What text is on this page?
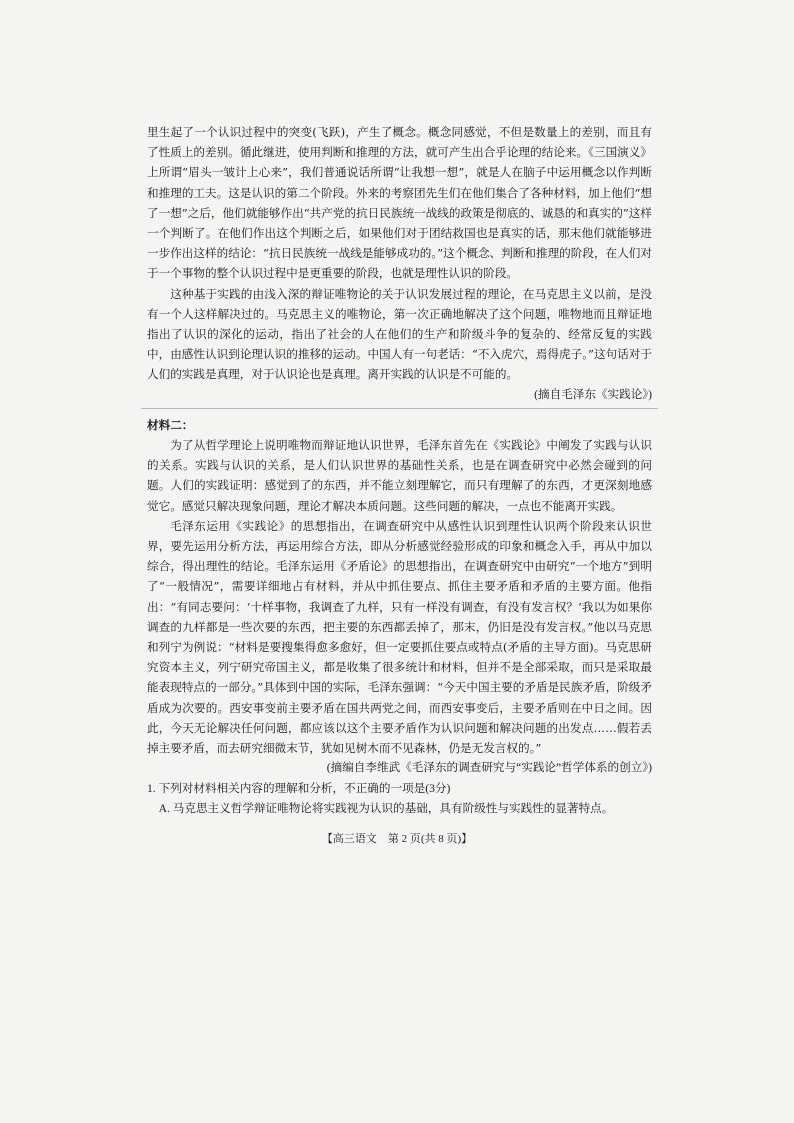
里生起了一个认识过程中的突变(飞跃)，产生了概念。概念同感觉，不但是数量上的差别，而且有了性质上的差别。循此继进，使用判断和推理的方法，就可产生出合乎论理的结论来。《三国演义》上所谓“眉头一皱计上心来”，我们普通说话所谓“让我想一想”，就是人在脑子中运用概念以作判断和推理的工夫。这是认识的第二个阶段。外来的考察团先生们在他们集合了各种材料，加上他们“想了一想”之后，他们就能够作出“共产党的抗日民族统一战线的政策是彻底的、诚恳的和真实的”这样一个判断了。在他们作出这个判断之后，如果他们对于团结救国也是真实的话，那末他们就能够进一步作出这样的结论：“抗日民族统一战线是能够成功的。”这个概念、判断和推理的阶段，在人们对于一个事物的整个认识过程中是更重要的阶段，也就是理性认识的阶段。

这种基于实践的由浅入深的辩证唯物论的关于认识发展过程的理论，在马克思主义以前，是没有一个人这样解决过的。马克思主义的唯物论，第一次正确地解决了这个问题，唯物地而且辩证地指出了认识的深化的运动，指出了社会的人在他们的生产和阶级斗争的复杂的、经常反复的实践中，由感性认识到论理认识的推移的运动。中国人有一句老话：“不入虎穴，焉得虎子。”这句话对于人们的实践是真理，对于认识论也是真理。离开实践的认识是不可能的。

(摘自毛泽东《实践论》)

材料二：

为了从哲学理论上说明唯物而辩证地认识世界，毛泽东首先在《实践论》中阐发了实践与认识的关系。实践与认识的关系，是人们认识世界的基础性关系，也是在调查研究中必然会碰到的问题。人们的实践证明：感觉到了的东西，并不能立刻理解它，而只有理解了的东西，才更深刻地感觉它。感觉只解决现象问题，理论才解决本质问题。这些问题的解决，一点也不能离开实践。

毛泽东运用《实践论》的思想指出，在调查研究中从感性认识到理性认识两个阶段来认识世界，要先运用分析方法，再运用综合方法，即从分析感觉经验形成的印象和概念入手，再从中加以综合，得出理性的结论。毛泽东运用《矛盾论》的思想指出，在调查研究中由研究“一个地方”到明了“一般情况”，需要详细地占有材料，并从中抓住要点、抓住主要矛盾和矛盾的主要方面。他指出：“有同志要问：‘十样事物，我调查了九样，只有一样没有调查，有没有发言权？’我以为如果你调查的九样都是一些次要的东西，把主要的东西都丢掉了，那末，仍旧是没有发言权。”他以马克思和列宁为例说：“材料是要搜集得愈多愈好，但一定要抓住要点或特点(矛盾的主导方面)。马克思研究资本主义，列宁研究帝国主义，都是收集了很多统计和材料，但并不是全部采取，而只是采取最能表现特点的一部分。”具体到中国的实际，毛泽东强调：“今天中国主要的矛盾是民族矛盾，阶级矛盾成为次要的。西安事变前主要矛盾在国共两党之间，而西安事变后，主要矛盾则在中日之间。因此，今天无论解决任何问题，都应该以这个主要矛盾作为认识问题和解决问题的出发点……假若丢掉主要矛盾，而去研究细微末节，犹如见树木而不见森林，仍是无发言权的。”

(摘编自李维武《毛泽东的调查研究与“实践论”哲学体系的创立》)

1. 下列对材料相关内容的理解和分析，不正确的一项是(3分)

A. 马克思主义哲学辩证唯物论将实践视为认识的基础，具有阶级性与实践性的显著特点。

【高三语文　第 2 页(共 8 页)】
